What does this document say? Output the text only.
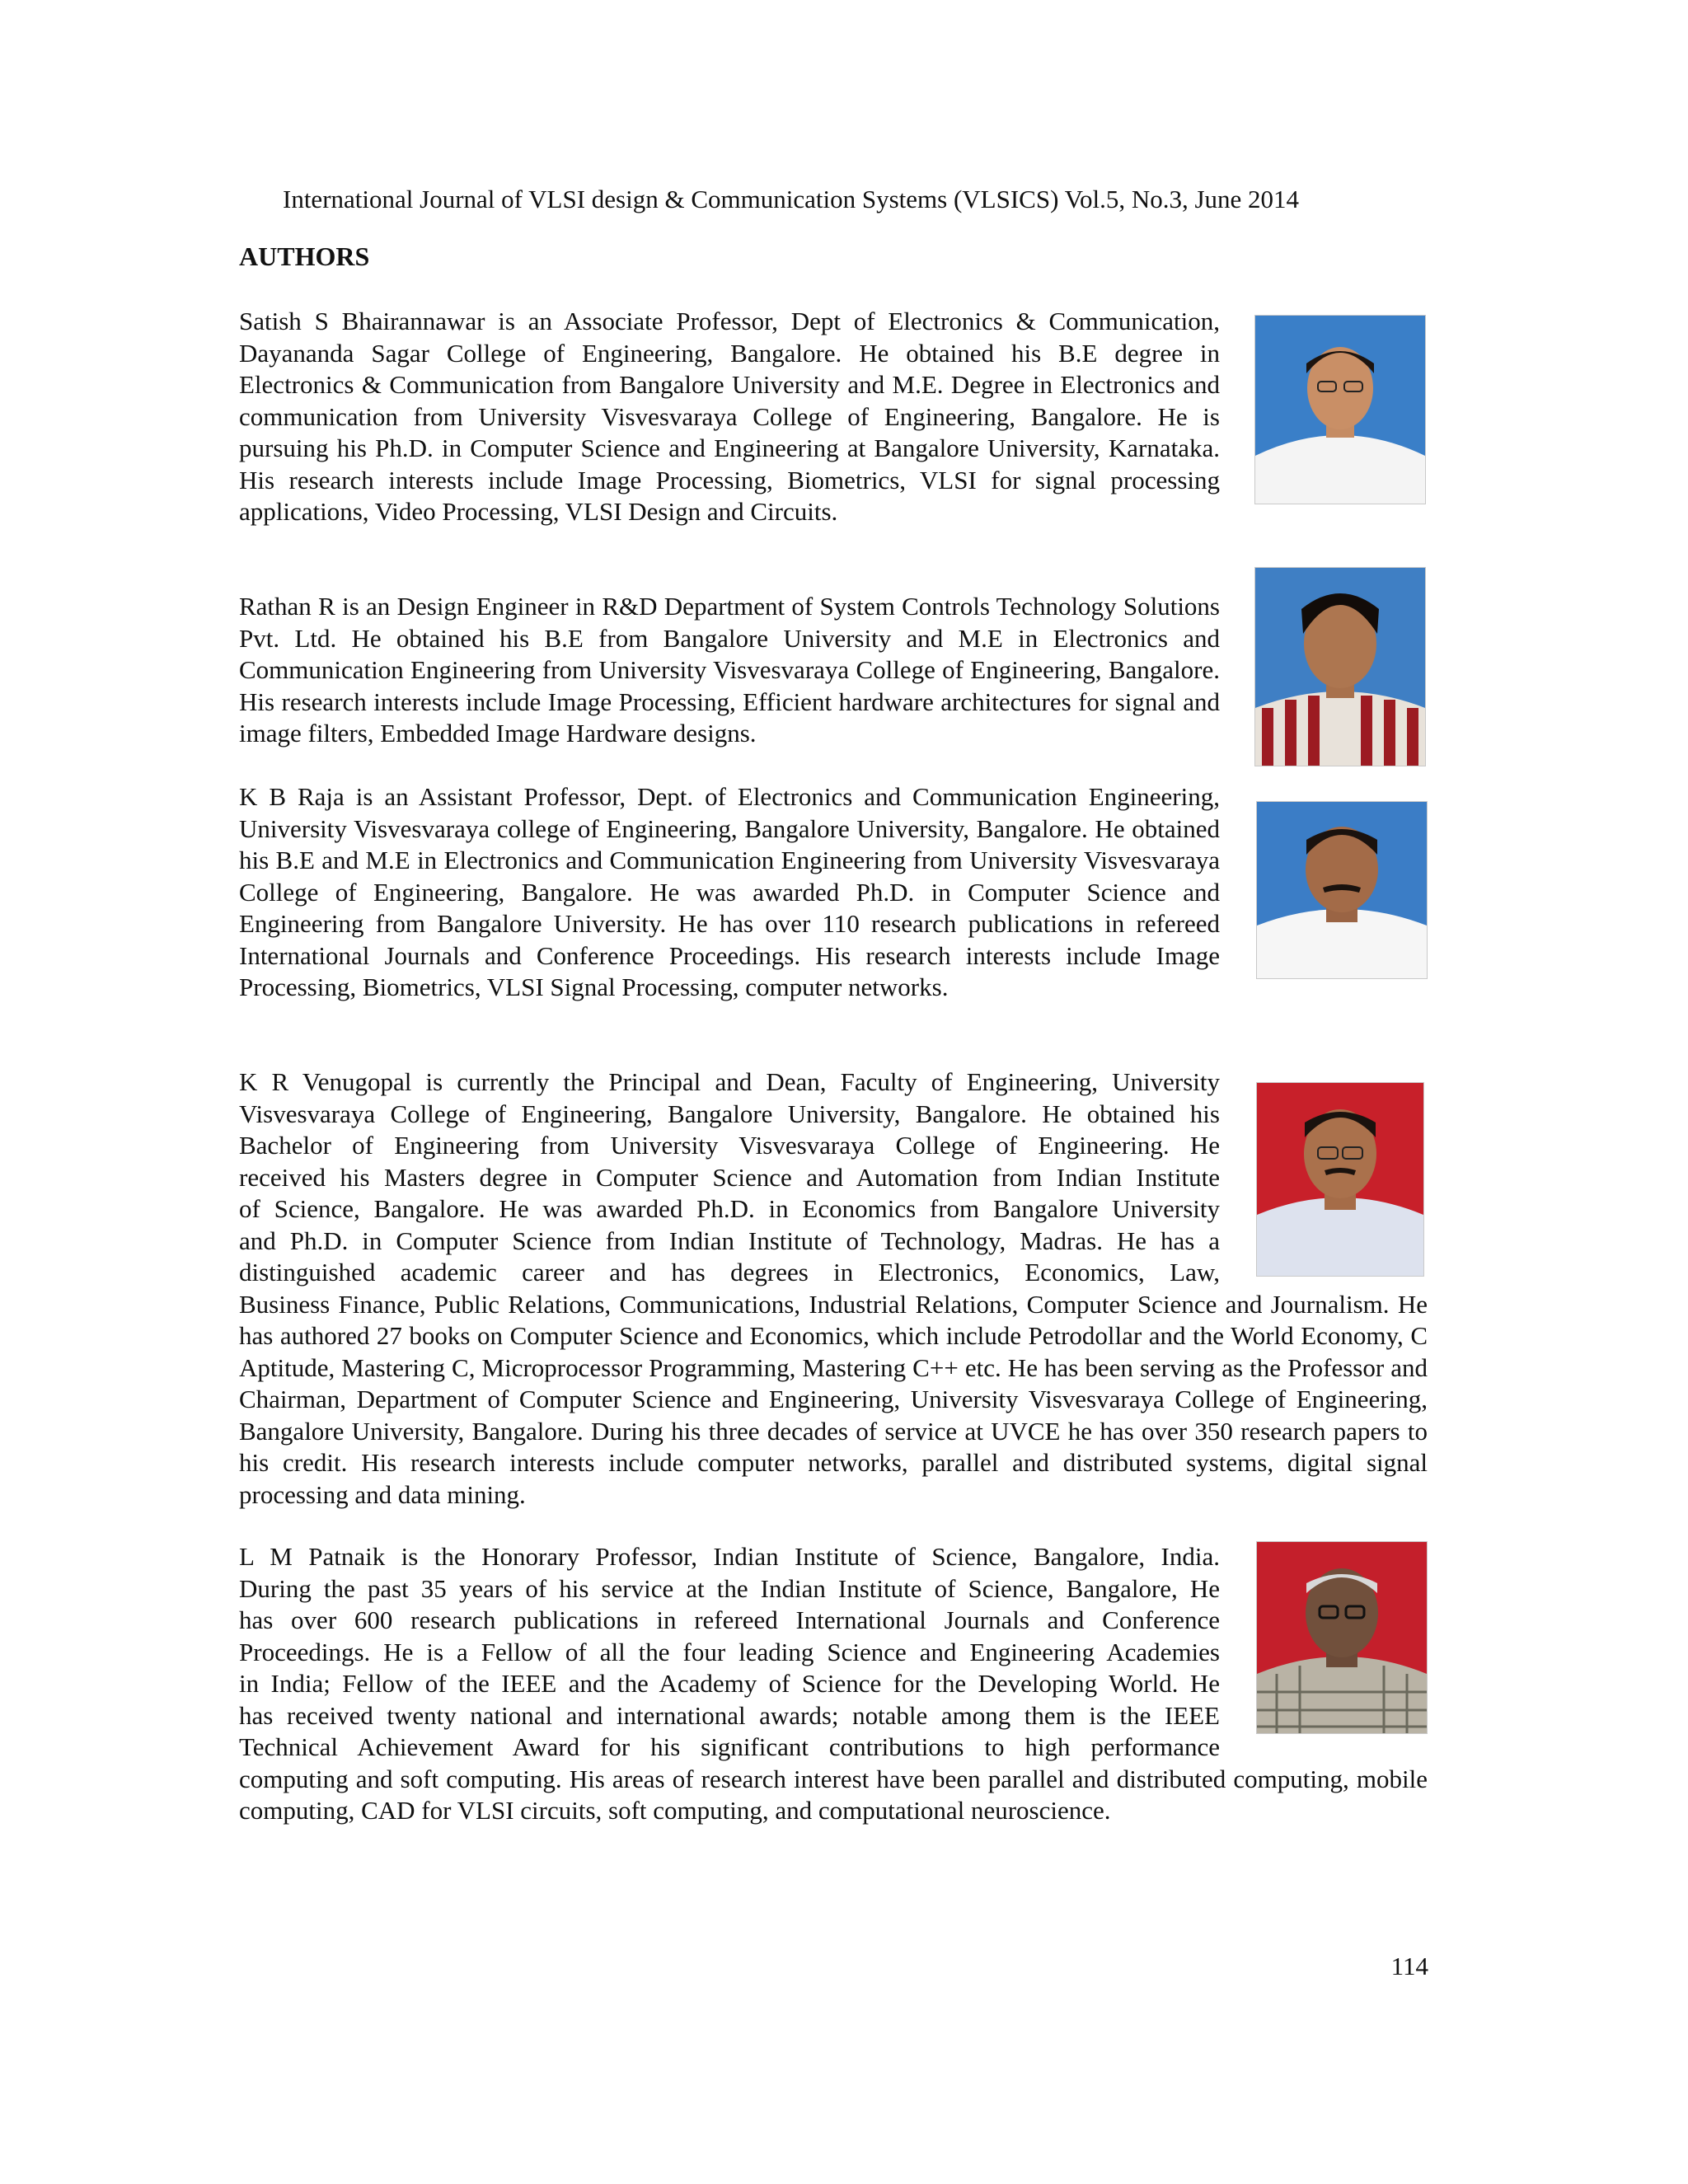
International Journal of VLSI design & Communication Systems (VLSICS) Vol.5, No.3, June 2014
AUTHORS

Satish S Bhairannawar is an Associate Professor, Dept of Electronics & Communication, Dayananda Sagar College of Engineering, Bangalore. He obtained his B.E degree in Electronics & Communication from Bangalore University and M.E. Degree in Electronics and communication from University Visvesvaraya College of Engineering, Bangalore. He is pursuing his Ph.D. in Computer Science and Engineering at Bangalore University, Karnataka. His research interests include Image Processing, Biometrics, VLSI for signal processing applications, Video Processing, VLSI Design and Circuits.

Rathan R is an Design Engineer in R&D Department of System Controls Technology Solutions Pvt. Ltd. He obtained his B.E from Bangalore University and M.E in Electronics and Communication Engineering from University Visvesvaraya College of Engineering, Bangalore. His research interests include Image Processing, Efficient hardware architectures for signal and image filters, Embedded Image Hardware designs.

K B Raja is an Assistant Professor, Dept. of Electronics and Communication Engineering, University Visvesvaraya college of Engineering, Bangalore University, Bangalore. He obtained his B.E and M.E in Electronics and Communication Engineering from University Visvesvaraya College of Engineering, Bangalore. He was awarded Ph.D. in Computer Science and Engineering from Bangalore University. He has over 110 research publications in refereed International Journals and Conference Proceedings. His research interests include Image Processing, Biometrics, VLSI Signal Processing, computer networks.

K R Venugopal is currently the Principal and Dean, Faculty of Engineering, University
Visvesvaraya College of Engineering, Bangalore University, Bangalore. He obtained his
Bachelor of Engineering from University Visvesvaraya College of Engineering. He
received his Masters degree in Computer Science and Automation from Indian Institute
of Science, Bangalore. He was awarded Ph.D. in Economics from Bangalore University
and Ph.D. in Computer Science from Indian Institute of Technology, Madras. He has a
distinguished academic career and has degrees in Electronics, Economics, Law,
Business Finance, Public Relations, Communications, Industrial Relations, Computer Science and Journalism. He has authored 27 books on Computer Science and Economics, which include Petrodollar and the World Economy, C Aptitude, Mastering C, Microprocessor Programming, Mastering C++ etc. He has been serving as the Professor and Chairman, Department of Computer Science and Engineering, University Visvesvaraya College of Engineering, Bangalore University, Bangalore. During his three decades of service at UVCE he has over 350 research papers to his credit. His research interests include computer networks, parallel and distributed systems, digital signal processing and data mining.

L M Patnaik is the Honorary Professor, Indian Institute of Science, Bangalore, India.
During the past 35 years of his service at the Indian Institute of Science, Bangalore, He
has over 600 research publications in refereed International Journals and Conference
Proceedings. He is a Fellow of all the four leading Science and Engineering Academies
in India; Fellow of the IEEE and the Academy of Science for the Developing World. He
has received twenty national and international awards; notable among them is the IEEE
Technical Achievement Award for his significant contributions to high performance
computing and soft computing. His areas of research interest have been parallel and distributed computing, mobile computing, CAD for VLSI circuits, soft computing, and computational neuroscience.

114
